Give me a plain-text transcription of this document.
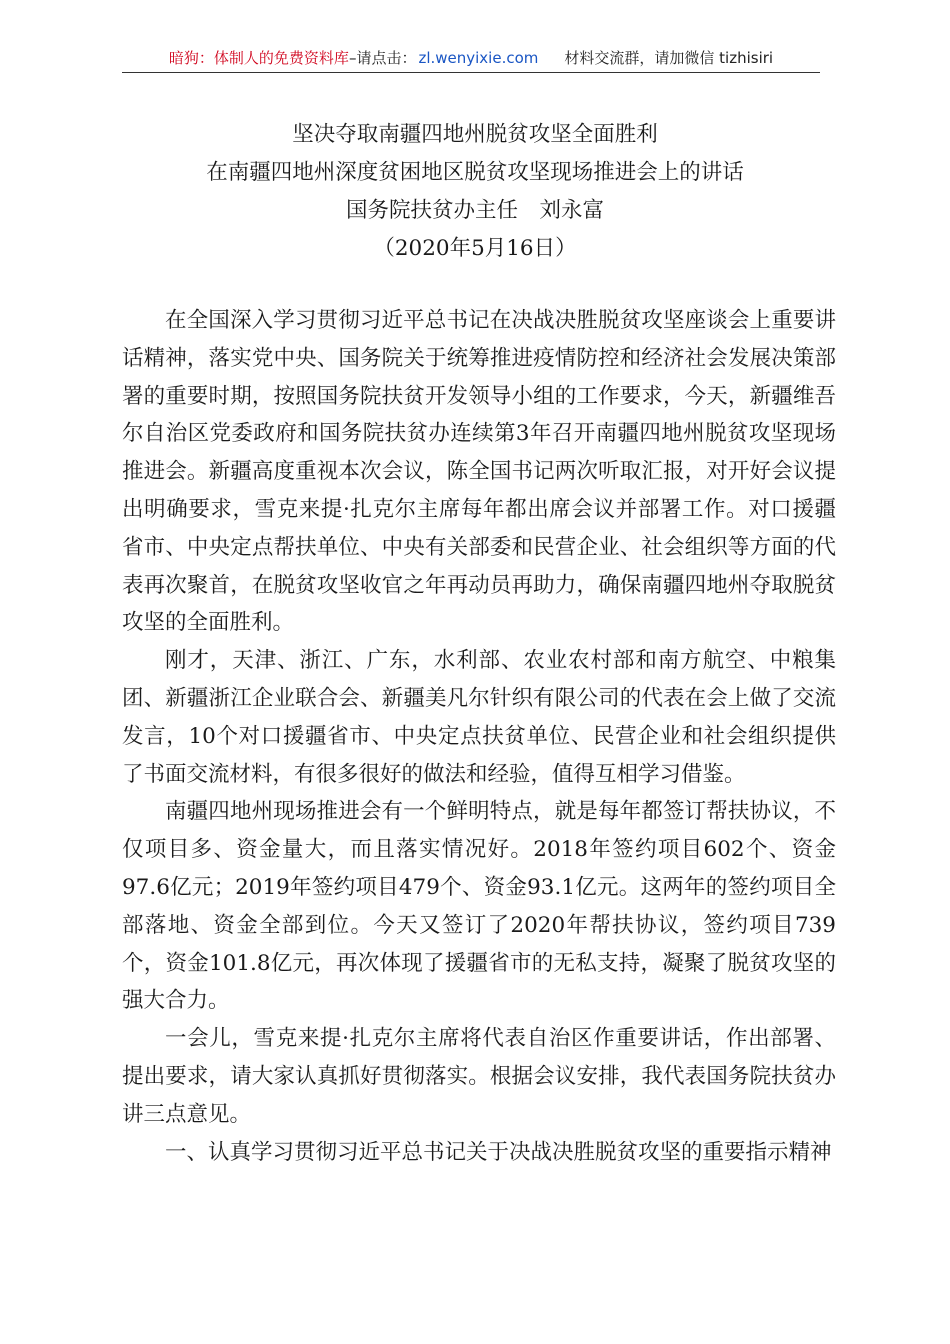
暗狗：体制人的免费资料库 –请点击： zl.wenyixie.com 材料交流群，请加微信 tizhisiri
坚决夺取南疆四地州脱贫攻坚全面胜利
在南疆四地州深度贫困地区脱贫攻坚现场推进会上的讲话
国务院扶贫办主任　刘永富
（2020年5月16日）

在全国深入学习贯彻习近平总书记在决战决胜脱贫攻坚座谈会上重要讲话精神，落实党中央、国务院关于统筹推进疫情防控和经济社会发展决策部署的重要时期，按照国务院扶贫开发领导小组的工作要求，今天，新疆维吾尔自治区党委政府和国务院扶贫办连续第3年召开南疆四地州脱贫攻坚现场推进会。新疆高度重视本次会议，陈全国书记两次听取汇报，对开好会议提出明确要求，雪克来提·扎克尔主席每年都出席会议并部署工作。对口援疆省市、中央定点帮扶单位、中央有关部委和民营企业、社会组织等方面的代表再次聚首，在脱贫攻坚收官之年再动员再助力，确保南疆四地州夺取脱贫攻坚的全面胜利。

刚才，天津、浙江、广东，水利部、农业农村部和南方航空、中粮集团、新疆浙江企业联合会、新疆美凡尔针织有限公司的代表在会上做了交流发言，10个对口援疆省市、中央定点扶贫单位、民营企业和社会组织提供了书面交流材料，有很多很好的做法和经验，值得互相学习借鉴。

南疆四地州现场推进会有一个鲜明特点，就是每年都签订帮扶协议，不仅项目多、资金量大，而且落实情况好。2018年签约项目602个、资金97.6亿元；2019年签约项目479个、资金93.1亿元。这两年的签约项目全部落地、资金全部到位。今天又签订了2020年帮扶协议，签约项目739个，资金101.8亿元，再次体现了援疆省市的无私支持，凝聚了脱贫攻坚的强大合力。

一会儿，雪克来提·扎克尔主席将代表自治区作重要讲话，作出部署、提出要求，请大家认真抓好贯彻落实。根据会议安排，我代表国务院扶贫办讲三点意见。

一、认真学习贯彻习近平总书记关于决战决胜脱贫攻坚的重要指示精神
